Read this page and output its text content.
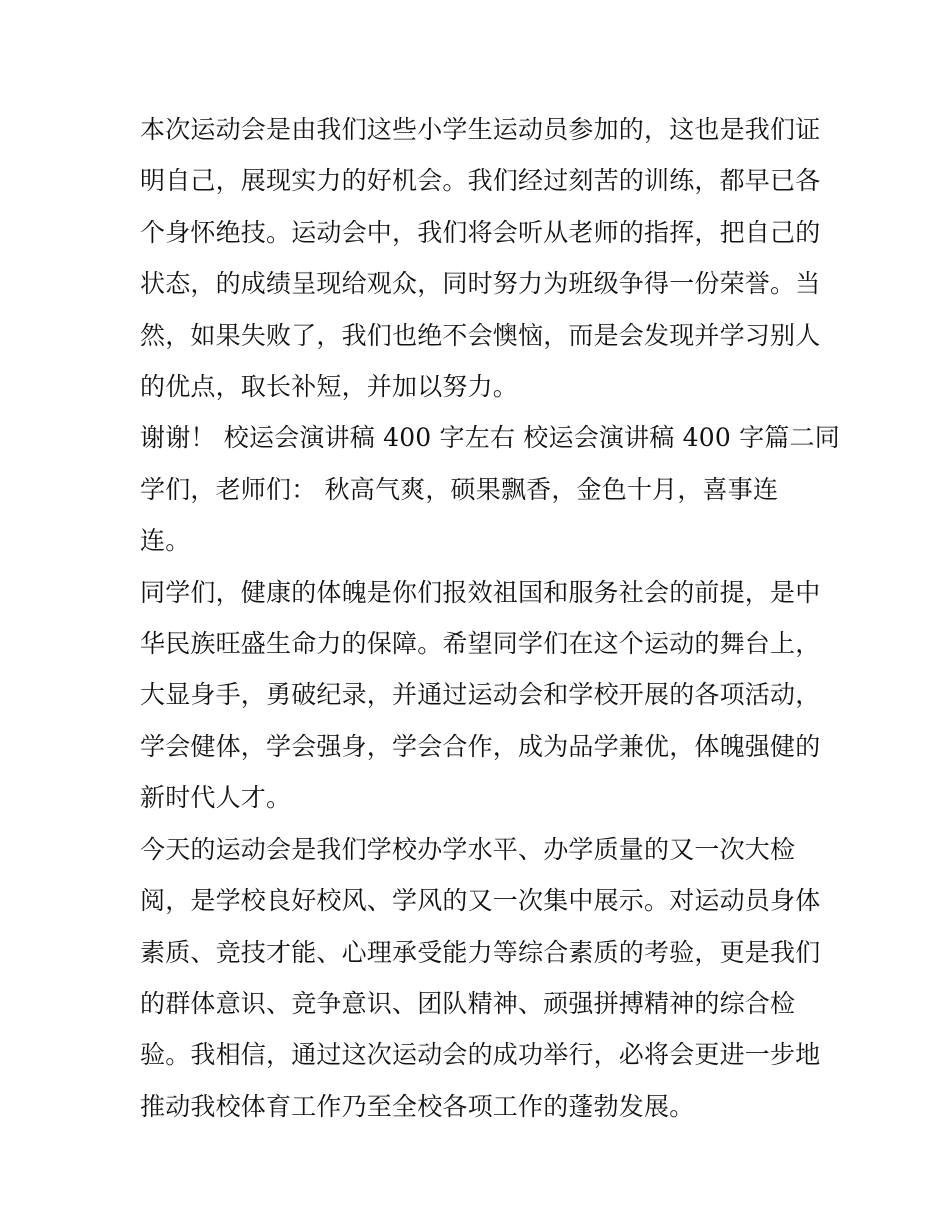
本次运动会是由我们这些小学生运动员参加的，这也是我们证

明自己，展现实力的好机会。我们经过刻苦的训练，都早已各

个身怀绝技。运动会中，我们将会听从老师的指挥，把自己的

状态，的成绩呈现给观众，同时努力为班级争得一份荣誉。当

然，如果失败了，我们也绝不会懊恼，而是会发现并学习别人

的优点，取长补短，并加以努力。

谢谢！ 校运会演讲稿 400 字左右 校运会演讲稿 400 字篇二同

学们，老师们： 秋高气爽，硕果飘香，金色十月，喜事连

连。

同学们，健康的体魄是你们报效祖国和服务社会的前提，是中

华民族旺盛生命力的保障。希望同学们在这个运动的舞台上，

大显身手，勇破纪录，并通过运动会和学校开展的各项活动，

学会健体，学会强身，学会合作，成为品学兼优，体魄强健的

新时代人才。

今天的运动会是我们学校办学水平、办学质量的又一次大检

阅，是学校良好校风、学风的又一次集中展示。对运动员身体

素质、竞技才能、心理承受能力等综合素质的考验，更是我们

的群体意识、竞争意识、团队精神、顽强拼搏精神的综合检

验。我相信，通过这次运动会的成功举行，必将会更进一步地

推动我校体育工作乃至全校各项工作的蓬勃发展。
